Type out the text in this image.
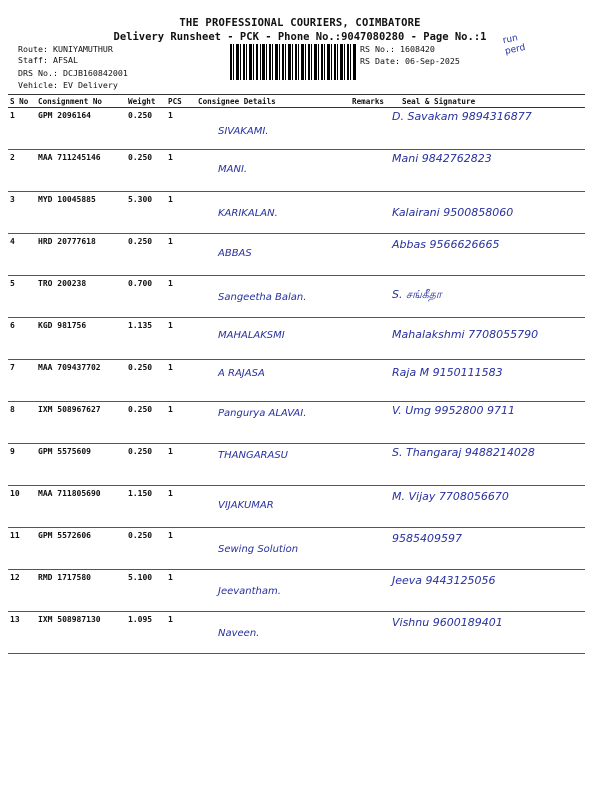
THE PROFESSIONAL COURIERS, COIMBATORE
Delivery Runsheet - PCK - Phone No.:9047080280 - Page No.:1
Route: KUNIYAMUTHUR
Staff: AFSAL
DRS No.: DCJB160842001
Vehicle: EV Delivery
RS No.: 1608420
RS Date: 06-Sep-2025
run
perd
S No	Consignment No	Weight	PCS	Consignee Details	Remarks	Seal & Signature
1	GPM 2096164	0.250	1	SIVAKAMI.		D. Savakam 9894316877

2	MAA 711245146	0.250	1	MANI.		Mani 9842762823

3	MYD 10045885	5.300	1	KARIKALAN.		Kalairani 9500858060

4	HRD 20777618	0.250	1	ABBAS		Abbas 9566626665

5	TRO 200238	0.700	1	Sangeetha Balan.		S. சங்கீதா

6	KGD 981756	1.135	1	MAHALAKSMI		Mahalakshmi 7708055790

7	MAA 709437702	0.250	1	A RAJASA		Raja M 9150111583

8	IXM 508967627	0.250	1	Pangurya ALAVAI.		V. Umg 9952800 9711

9	GPM 5575609	0.250	1	THANGARASU		S. Thangaraj 9488214028

10	MAA 711805690	1.150	1	VIJAKUMAR		M. Vijay 7708056670

11	GPM 5572606	0.250	1	Sewing Solution		9585409597

12	RMD 1717580	5.100	1	Jeevantham.		Jeeva 9443125056

13	IXM 508987130	1.095	1	Naveen.		Vishnu 9600189401
